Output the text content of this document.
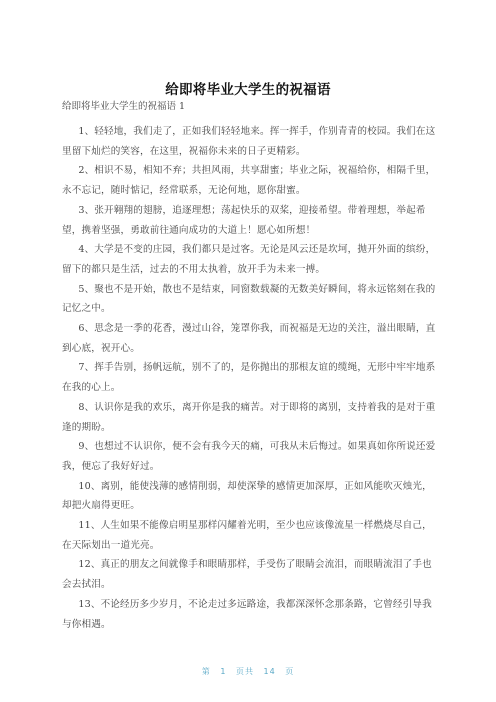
给即将毕业大学生的祝福语
给即将毕业大学生的祝福语 1

1、轻轻地，我们走了，正如我们轻轻地来。挥一挥手，作别青青的校园。我们在这里留下灿烂的笑容，在这里，祝福你未来的日子更精彩。

2、相识不易，相知不弃；共担风雨，共享甜蜜；毕业之际，祝福给你，相隔千里，永不忘记，随时惦记，经常联系，无论何地，愿你甜蜜。

3、张开翱翔的翅膀，追逐理想；荡起快乐的双桨，迎接希望。带着理想，举起希望，携着坚强，勇敢前往通向成功的大道上！愿心如所想！

4、大学是不变的庄园，我们都只是过客。无论是风云还是坎坷，抛开外面的缤纷，留下的都只是生活，过去的不用太执着，放开手为未来一搏。

5、聚也不是开始，散也不是结束，同窗数载凝的无数美好瞬间，将永远铭刻在我的记忆之中。

6、思念是一季的花香，漫过山谷，笼罩你我，而祝福是无边的关注，溢出眼睛，直到心底，祝开心。

7、挥手告别，扬帆远航，别不了的，是你抛出的那根友谊的缆绳，无形中牢牢地系在我的心上。

8、认识你是我的欢乐，离开你是我的痛苦。对于即将的离别，支持着我的是对于重逢的期盼。

9、也想过不认识你，便不会有我今天的痛，可我从未后悔过。如果真如你所说还爱我，便忘了我好好过。

10、离别，能使浅薄的感情削弱，却使深挚的感情更加深厚，正如风能吹灭烛光，却把火扇得更旺。

11、人生如果不能像启明星那样闪耀着光明，至少也应该像流星一样燃烧尽自己，在天际划出一道光亮。

12、真正的朋友之间就像手和眼睛那样，手受伤了眼睛会流泪，而眼睛流泪了手也会去拭泪。

13、不论经历多少岁月，不论走过多远路途，我都深深怀念那条路，它曾经引导我与你相遇。

第 1 页共 14 页
